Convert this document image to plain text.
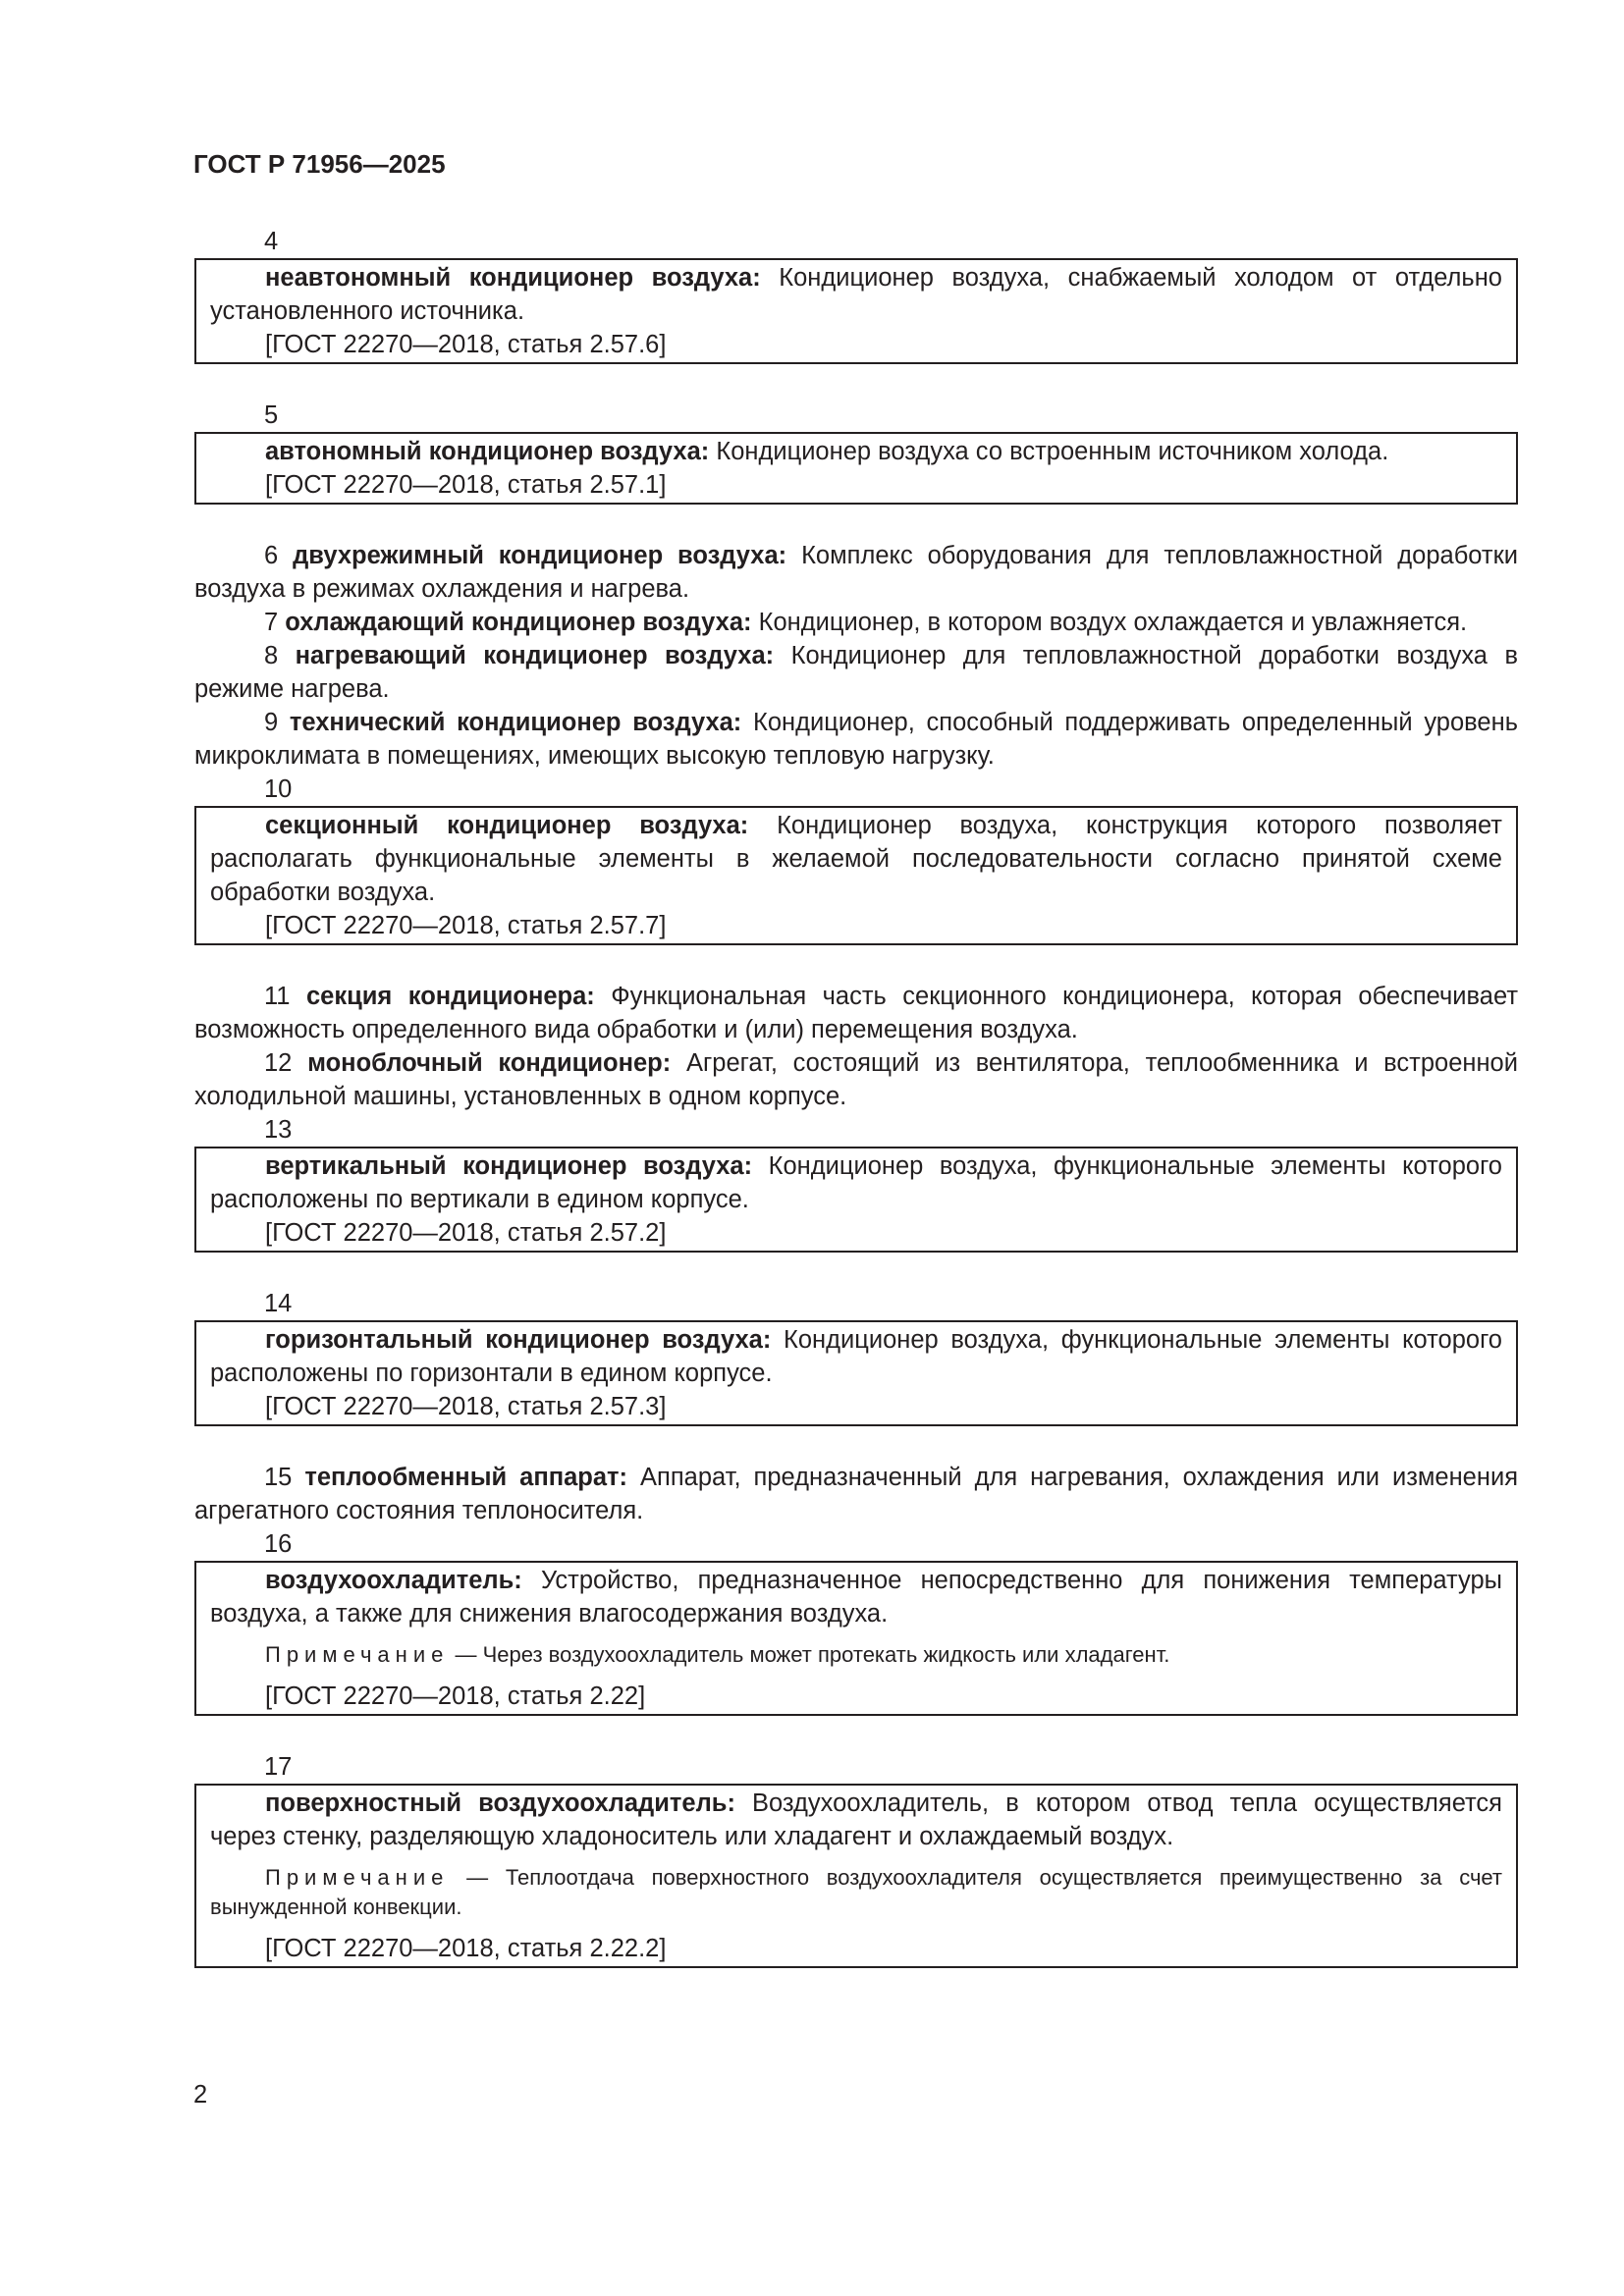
ГОСТ Р 71956—2025
4

неавтономный кондиционер воздуха: Кондиционер воздуха, снабжаемый холодом от отдельно установленного источника.

[ГОСТ 22270—2018, статья 2.57.6]

5

автономный кондиционер воздуха: Кондиционер воздуха со встроенным источником холода.

[ГОСТ 22270—2018, статья 2.57.1]

6 двухрежимный кондиционер воздуха: Комплекс оборудования для тепловлажностной доработки воздуха в режимах охлаждения и нагрева.

7 охлаждающий кондиционер воздуха: Кондиционер, в котором воздух охлаждается и увлажняется.

8 нагревающий кондиционер воздуха: Кондиционер для тепловлажностной доработки воздуха в режиме нагрева.

9 технический кондиционер воздуха: Кондиционер, способный поддерживать определенный уровень микроклимата в помещениях, имеющих высокую тепловую нагрузку.

10

секционный кондиционер воздуха: Кондиционер воздуха, конструкция которого позволяет располагать функциональные элементы в желаемой последовательности согласно принятой схеме обработки воздуха.

[ГОСТ 22270—2018, статья 2.57.7]

11 секция кондиционера: Функциональная часть секционного кондиционера, которая обеспечивает возможность определенного вида обработки и (или) перемещения воздуха.

12 моноблочный кондиционер: Агрегат, состоящий из вентилятора, теплообменника и встроенной холодильной машины, установленных в одном корпусе.

13

вертикальный кондиционер воздуха: Кондиционер воздуха, функциональные элементы которого расположены по вертикали в едином корпусе.

[ГОСТ 22270—2018, статья 2.57.2]

14

горизонтальный кондиционер воздуха: Кондиционер воздуха, функциональные элементы которого расположены по горизонтали в едином корпусе.

[ГОСТ 22270—2018, статья 2.57.3]

15 теплообменный аппарат: Аппарат, предназначенный для нагревания, охлаждения или изменения агрегатного состояния теплоносителя.

16

воздухоохладитель: Устройство, предназначенное непосредственно для понижения температуры воздуха, а также для снижения влагосодержания воздуха.

Примечание — Через воздухоохладитель может протекать жидкость или хладагент.

[ГОСТ 22270—2018, статья 2.22]

17

поверхностный воздухоохладитель: Воздухоохладитель, в котором отвод тепла осуществляется через стенку, разделяющую хладоноситель или хладагент и охлаждаемый воздух.

Примечание — Теплоотдача поверхностного воздухоохладителя осуществляется преимущественно за счет вынужденной конвекции.

[ГОСТ 22270—2018, статья 2.22.2]

2
